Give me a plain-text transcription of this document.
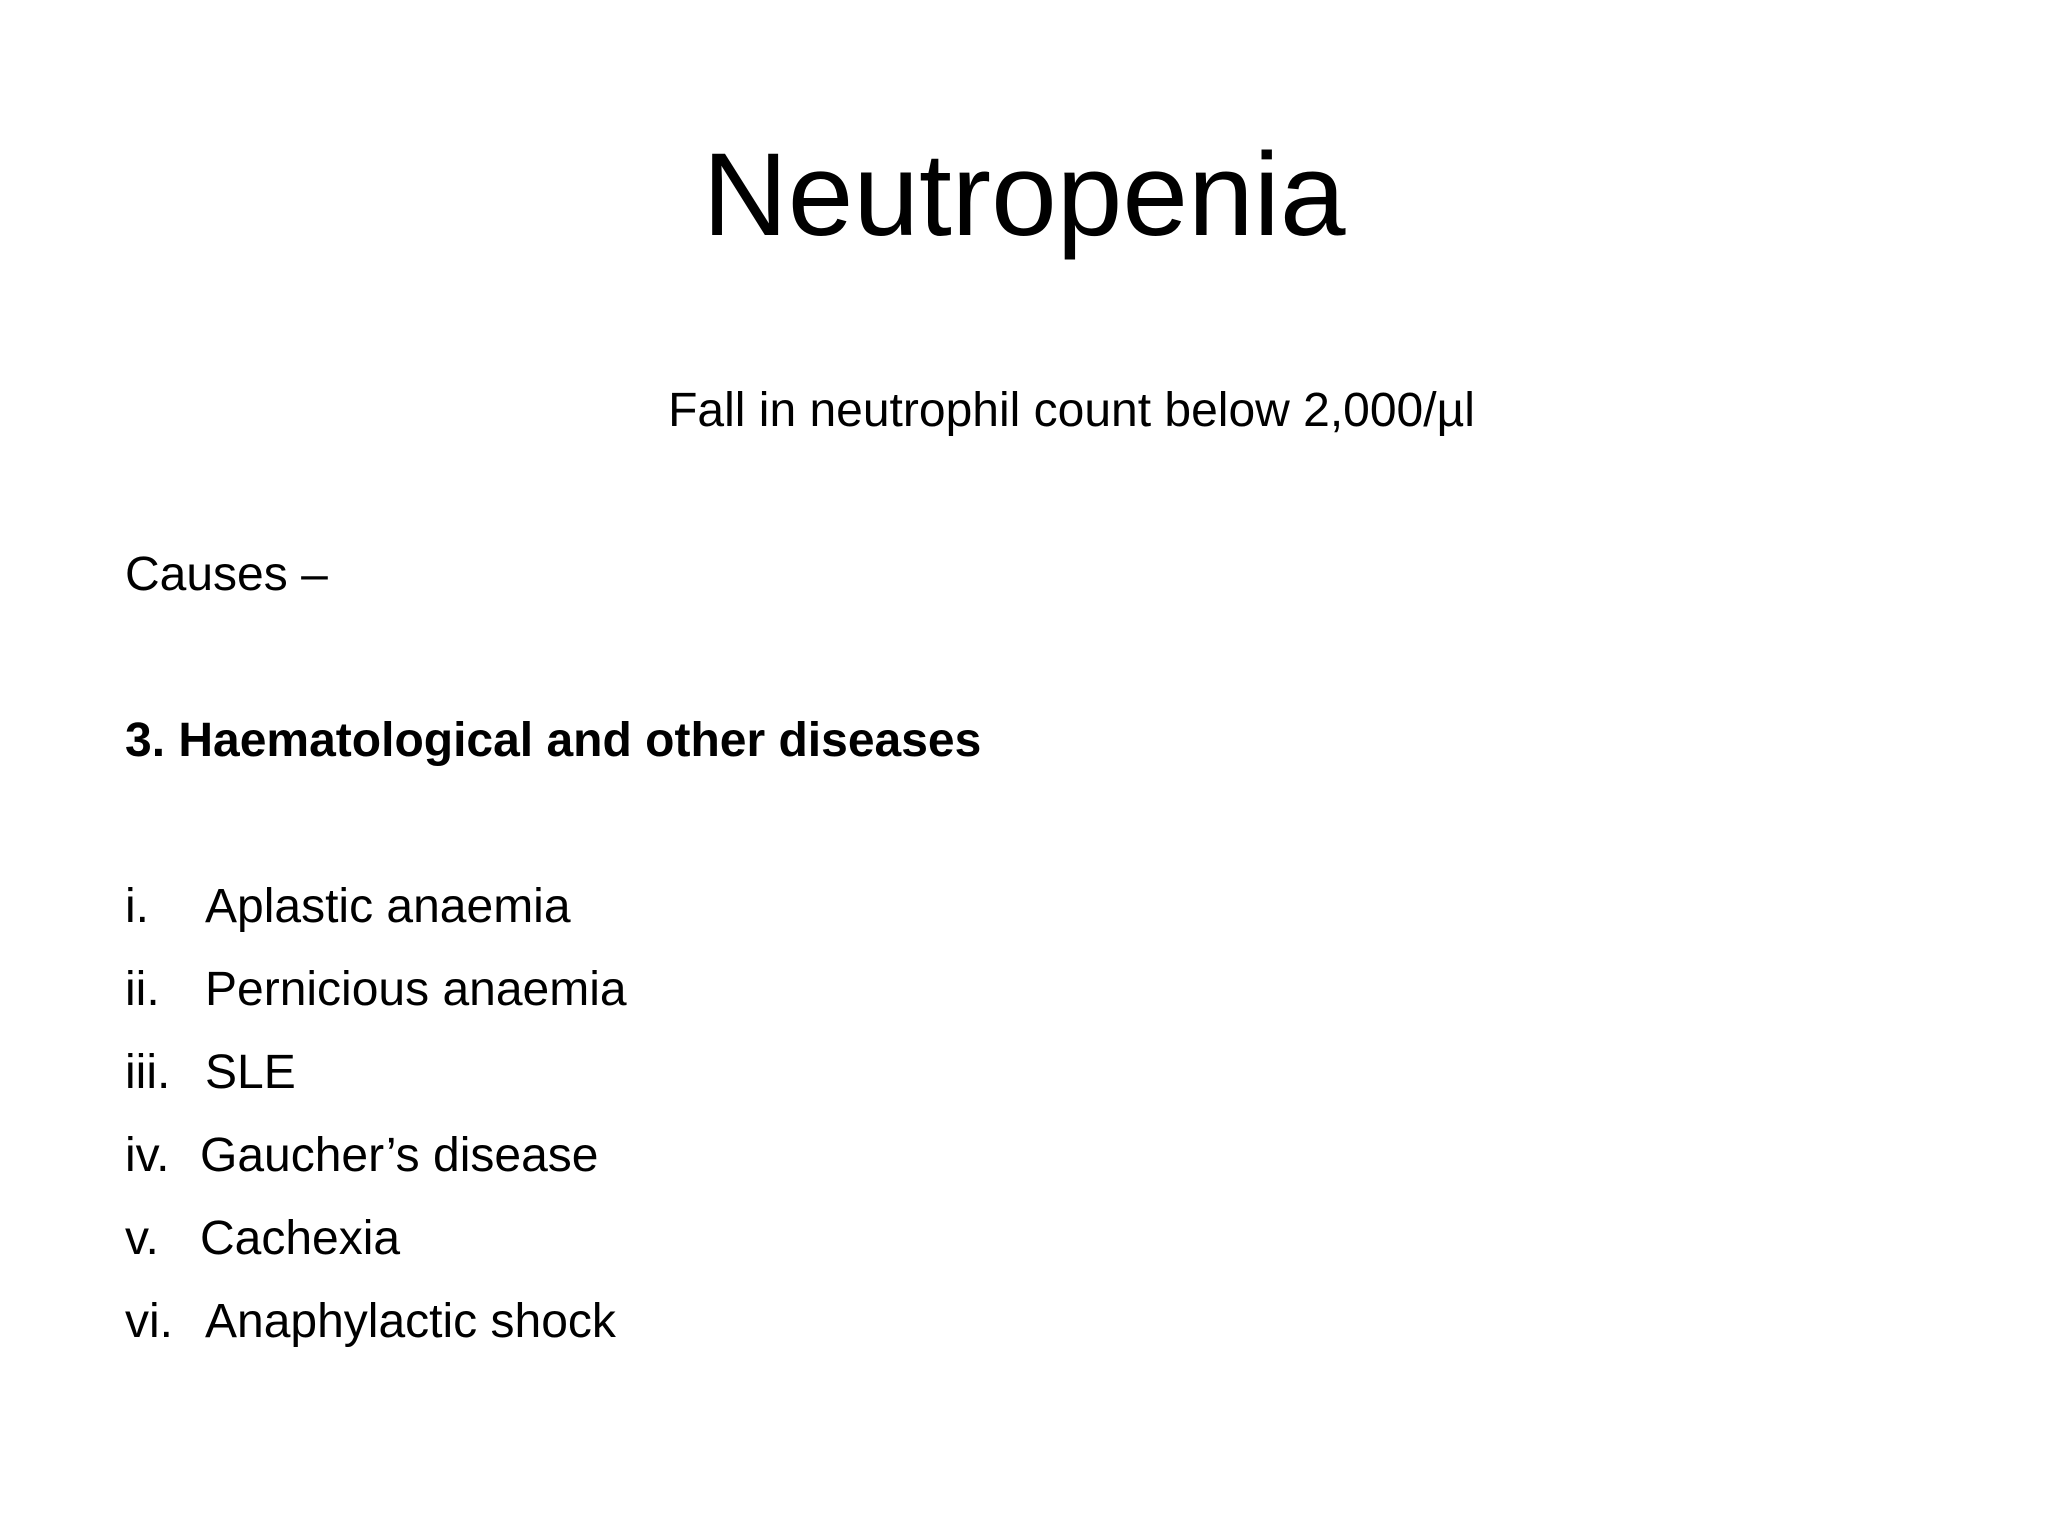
Neutropenia
Fall in neutrophil count below 2,000/µl
Causes –
3. Haematological and other diseases
i.	Aplastic anaemia
ii. Pernicious anaemia
iii. SLE
iv. Gaucher’s disease
v. Cachexia
vi. Anaphylactic shock
